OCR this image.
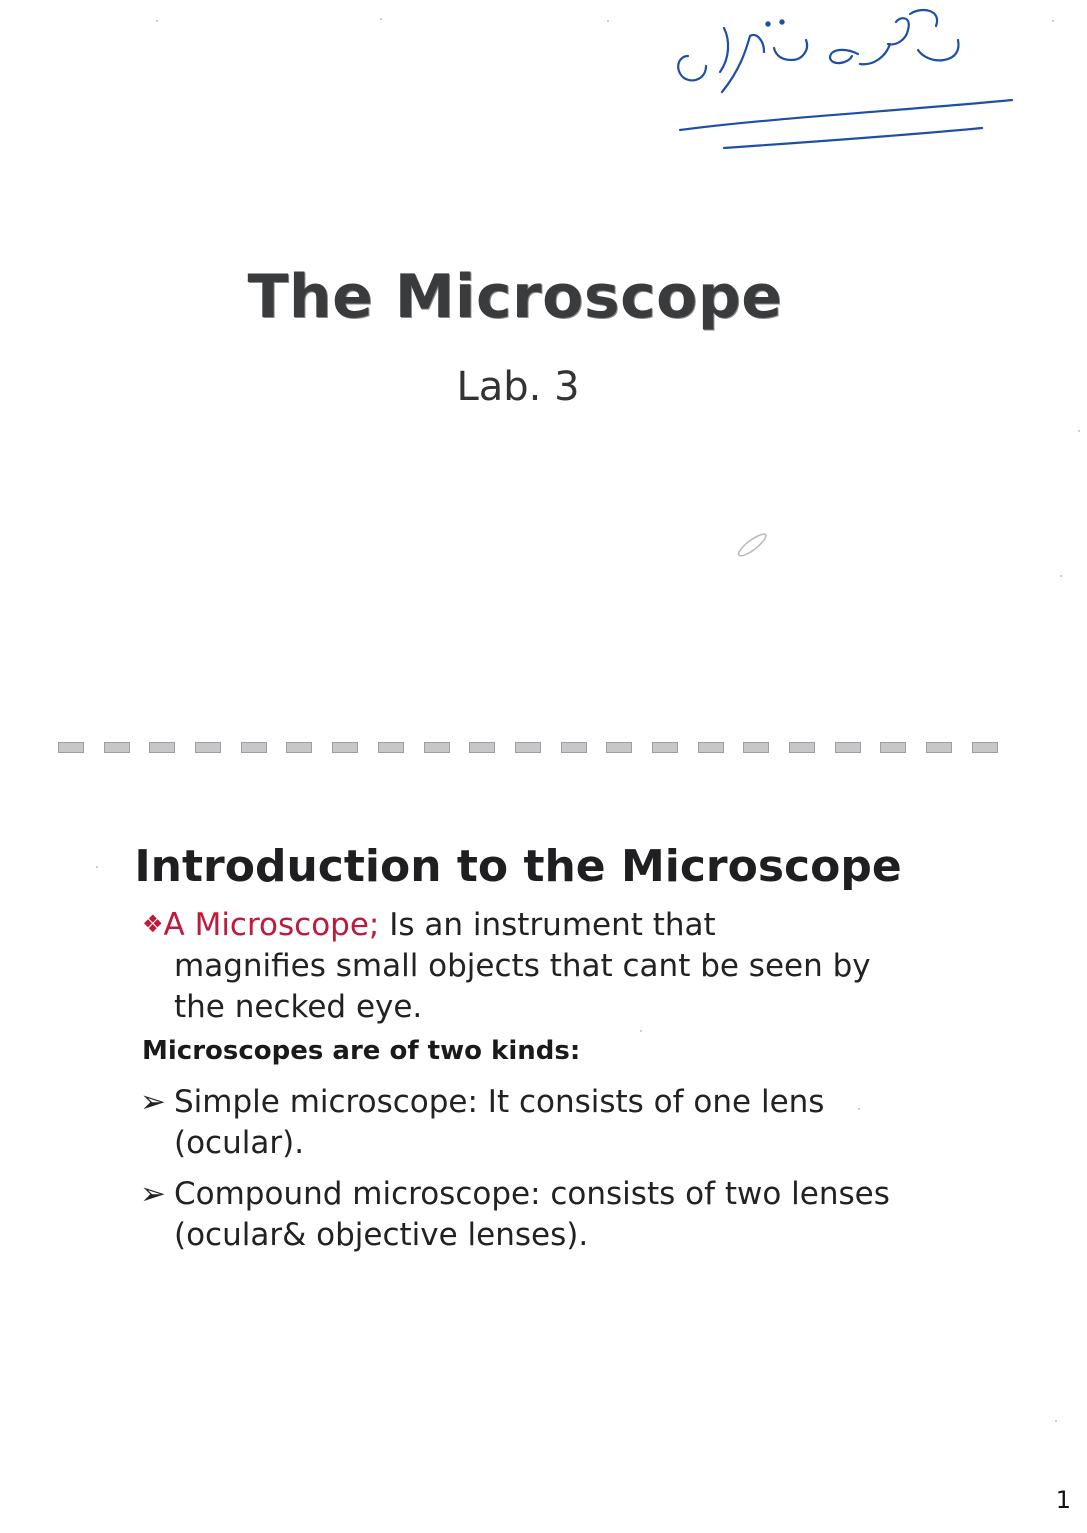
The Microscope
Lab. 3
Introduction to the Microscope
❖A Microscope; Is an instrument that
magnifies small objects that cant be seen by
the necked eye.
Microscopes are of two kinds:
➢ Simple microscope: It consists of one lens
(ocular).
➢ Compound microscope: consists of two lenses
(ocular& objective lenses).
1
